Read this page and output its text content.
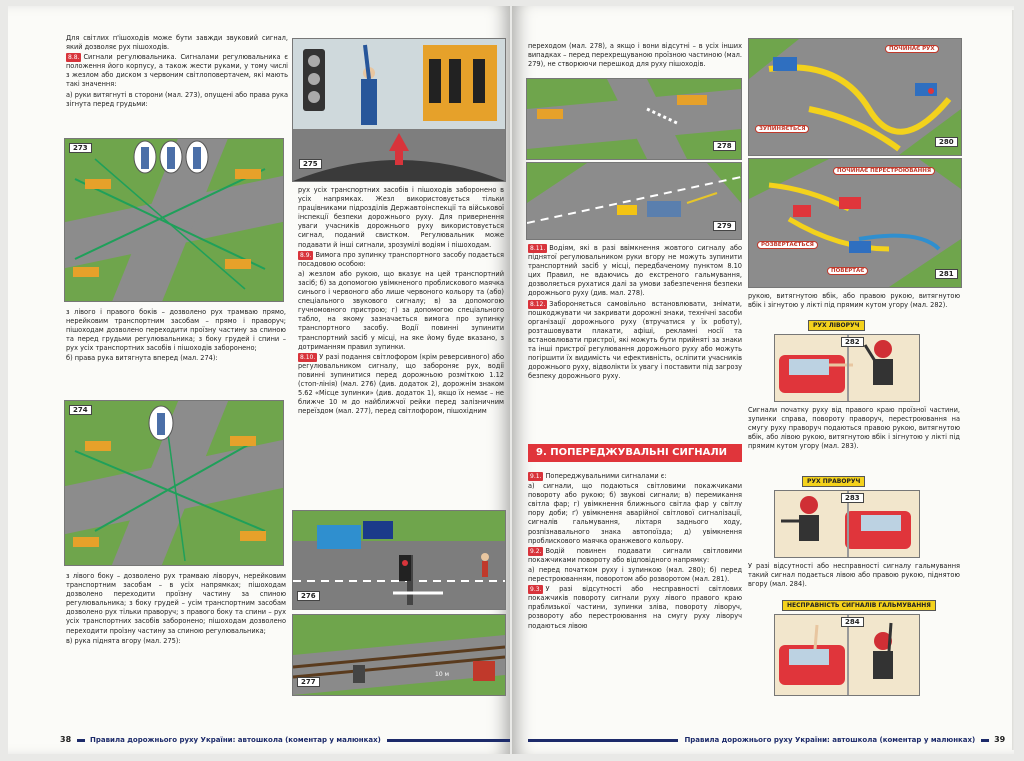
Для світлих п'ішоходів може бути завжди звуковий сигнал, який дозволяє рух пішоходів.

8.8. Сигнали регулювальника. Сигналами регулювальника є положення його корпусу, а також жести руками, у тому числі з жезлом або диском з червоним світлоповертачем, які мають такі значення:

а) руки витягнуті в сторони (мал. 273), опущені або права рука зігнута перед грудьми:

273

з лівого і правого боків – дозволено рух трамваю прямо, нерейковим транспортним засобам – прямо і праворуч; пішоходам дозволено переходити проїзну частину за спиною та перед грудьми регулювальника; з боку грудей і спини – рух усіх транспортних засобів і пішоходів заборонено;

б) права рука витягнута вперед (мал. 274):

274

з лівого боку – дозволено рух трамваю ліворуч, нерейковим транспортним засобам – в усіх напрямках; пішоходам дозволено переходити проїзну частину за спиною регулювальника; з боку грудей – усім транспортним засобам дозволено рух тільки праворуч; з правого боку та спини – рух усіх транспортних засобів заборонено; пішоходам дозволено переходити проїзну частину за спиною регулювальника;

в) рука піднята вгору (мал. 275):

275

рух усіх транспортних засобів і пішоходів заборонено в усіх напрямках. Жезл використовується тільки працівниками підрозділів Державтоінспекції та військової інспекції безпеки дорожнього руху. Для привернення уваги учасників дорожнього руху використовується сигнал, поданий свистком. Регулювальник може подавати й інші сигнали, зрозумілі водіям і пішоходам.

8.9. Вимога про зупинку транспортного засобу подається посадовою особою:

а) жезлом або рукою, що вказує на цей транспортний засіб; б) за допомогою увімкненого проблискового маячка синього і червоного або лише червоного кольору та (або) спеціального звукового сигналу; в) за допомогою гучномовного пристрою; г) за допомогою спеціального табло, на якому зазначається вимога про зупинку транспортного засобу. Водії повинні зупинити транспортний засіб у місці, на яке йому буде вказано, з дотриманням правил зупинки.

8.10. У разі подання світлофором (крім реверсивного) або регулювальником сигналу, що забороняє рух, водії повинні зупинитися перед дорожньою розміткою 1.12 (стоп-лінія) (мал. 276) (див. додаток 2), дорожнім знаком 5.62 «Місце зупинки» (див. додаток 1), якщо їх немає – не ближче 10 м до найближчої рейки перед залізничним переїздом (мал. 277), перед світлофором, пішохідним

276
10 м
277
38	Правила дорожнього руху України: автошкола (коментар у малюнках)

переходом (мал. 278), а якщо і вони відсутні – в усіх інших випадках – перед перехрещуваною проїзною частиною (мал. 279), не створюючи перешкод для руху пішоходів.

278
279

8.11. Водіям, які в разі ввімкнення жовтого сигналу або піднятої регулювальником руки вгору не можуть зупинити транспортний засіб у місці, передбаченому пунктом 8.10 цих Правил, не вдаючись до екстреного гальмування, дозволяється рухатися далі за умови забезпечення безпеки дорожнього руху (див. мал. 278).

8.12. Забороняється самовільно встановлювати, знімати, пошкоджувати чи закривати дорожні знаки, технічні засоби організації дорожнього руху (втручатися у їх роботу), розташовувати плакати, афіші, рекламні носії та встановлювати пристрої, які можуть бути прийняті за знаки та інші пристрої регулювання дорожнього руху або можуть погіршити їх видимість чи ефективність, осліпити учасників дорожнього руху, відволікти їх увагу і поставити під загрозу безпеку дорожнього руху.

9. ПОПЕРЕДЖУВАЛЬНІ СИГНАЛИ

9.1. Попереджувальними сигналами є:

а) сигнали, що подаються світловими покажчиками повороту або рукою; б) звукові сигнали; в) перемикання світла фар; г) увімкнення ближнього світла фар у світлу пору доби; ґ) увімкнення аварійної світлової сигналізації, сигналів гальмування, ліхтаря заднього ходу, розпізнавального знака автопоїзда; д) увімкнення проблискового маячка оранжевого кольору.

9.2. Водій повинен подавати сигнали світловими покажчиками повороту або відповідного напрямку:

а) перед початком руху і зупинкою (мал. 280); б) перед перестроюванням, поворотом або розворотом (мал. 281).

9.3. У разі відсутності або несправності світлових покажчиків повороту сигнали руху лівого правого краю праблизької частини, зупинки зліва, повороту ліворуч, розвороту або перестроювання на смугу руху ліворуч подаються лівою

ПОЧИНАЄ РУХ
ЗУПИНЯЄТЬСЯ
280
ПОЧИНАЄ ПЕРЕСТРОЮВАННЯ
РОЗВЕРТАЄТЬСЯ
ПОВЕРТАЄ	281

рукою, витягнутою вбік, або правою рукою, витягнутою вбік і зігнутою у лікті під прямим кутом угору (мал. 282).

РУХ ЛІВОРУЧ
282

Сигнали початку руху від правого краю проїзної частини, зупинки справа, повороту праворуч, перестроювання на смугу руху праворуч подаються правою рукою, витягнутою вбік, або лівою рукою, витягнутою вбік і зігнутою у лікті під прямим кутом угору (мал. 283).

РУХ ПРАВОРУЧ
283

У разі відсутності або несправності сигналу гальмування такий сигнал подається лівою або правою рукою, піднятою вгору (мал. 284).

НЕСПРАВНІСТЬ СИГНАЛІВ ГАЛЬМУВАННЯ
284
Правила дорожнього руху України: автошкола (коментар у малюнках) 39
